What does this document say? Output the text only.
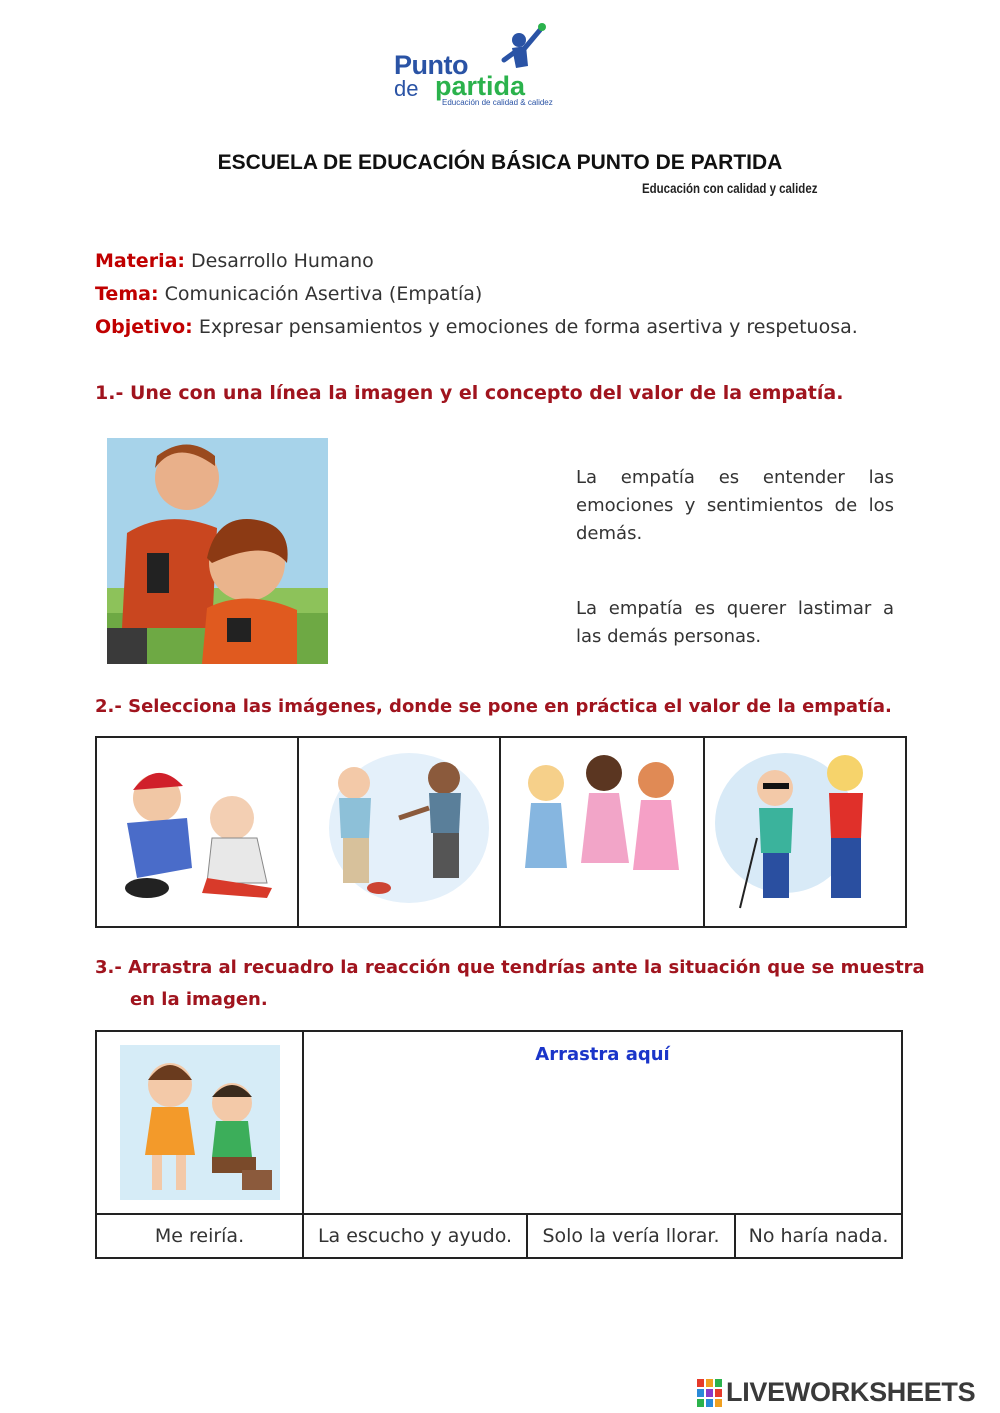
Punto
de partida
Educación de calidad & calidez
ESCUELA DE EDUCACIÓN BÁSICA PUNTO DE PARTIDA
Educación con calidad y calidez
Materia: Desarrollo Humano
Tema: Comunicación Asertiva (Empatía)
Objetivo: Expresar pensamientos y emociones de forma asertiva y respetuosa.
1.- Une con una línea la imagen y el concepto del valor de la empatía.
La empatía es entender las emociones y sentimientos de los demás.
La empatía es querer lastimar a las demás personas.
2.- Selecciona las imágenes, donde se pone en práctica el valor de la empatía.

3.- Arrastra al recuadro la reacción que tendrías ante la situación que se muestra
en la imagen.

Arrastra aquí		

Me reiría.	La escucho y ayudo.	Solo la vería llorar.	No haría nada.
LIVEWORKSHEETS
